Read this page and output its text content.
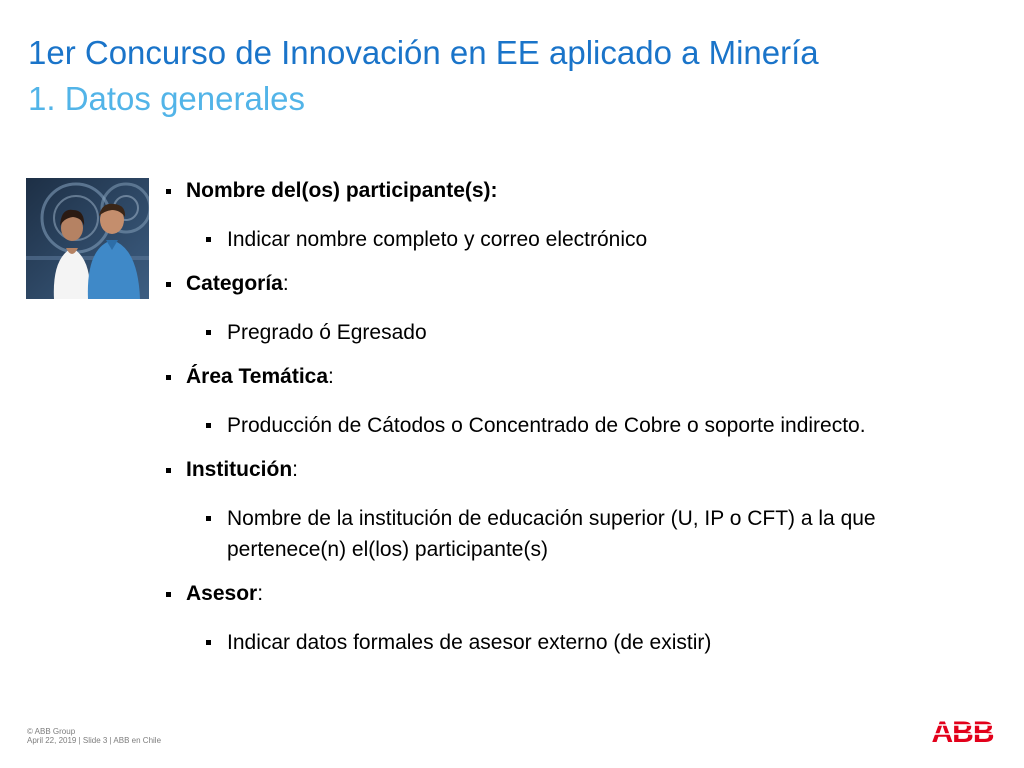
1er Concurso de Innovación en EE aplicado a Minería
1. Datos generales
Nombre del(os) participante(s):
Indicar nombre completo y correo electrónico
Categoría:
Pregrado ó Egresado
Área Temática:
Producción de Cátodos o Concentrado de Cobre o soporte indirecto.
Institución:
Nombre de la institución de educación superior (U, IP o CFT) a la que pertenece(n) el(los) participante(s)
Asesor:
Indicar datos formales de asesor externo (de existir)
© ABB Group
April 22, 2019 | Slide 3 | ABB en Chile	ABB
